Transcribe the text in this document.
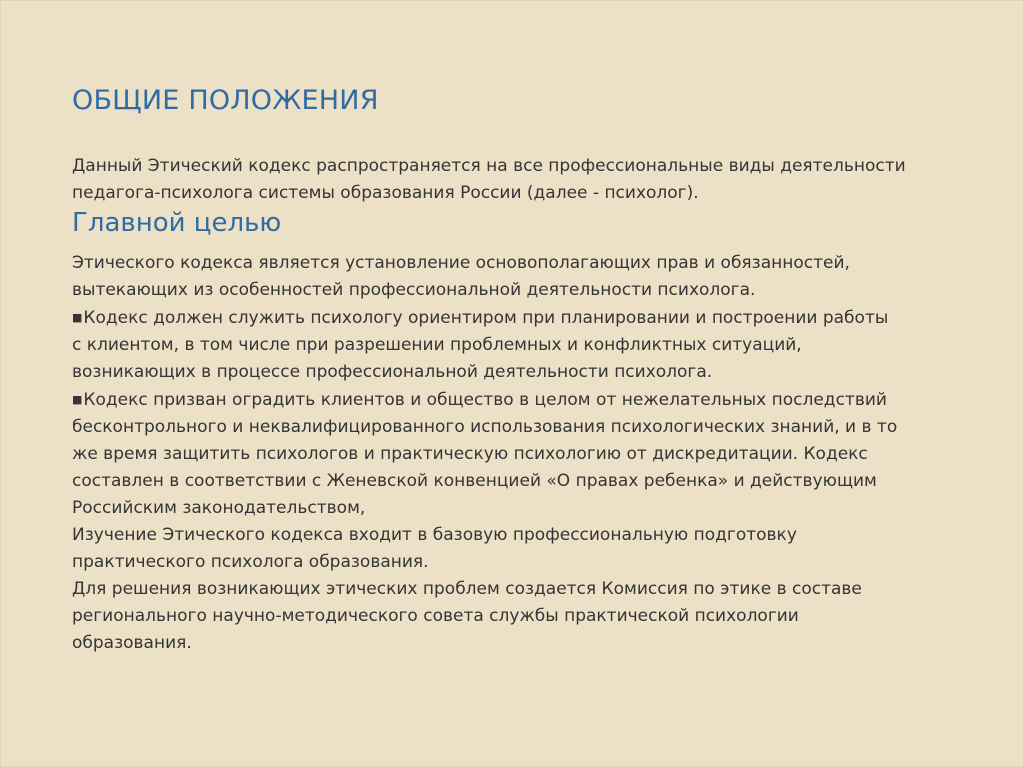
ОБЩИЕ ПОЛОЖЕНИЯ
Данный Этический кодекс распространяется на все профессиональные виды деятельности
педагога-психолога системы образования России (далее - психолог).
Главной целью
Этического кодекса является установление основополагающих прав и обязанностей,
вытекающих из особенностей профессиональной деятельности психолога.
■Кодекс должен служить психологу ориентиром при планировании и построении работы
с клиентом, в том числе при разрешении проблемных и конфликтных ситуаций,
возникающих в процессе профессиональной деятельности психолога.
■Кодекс призван оградить клиентов и общество в целом от нежелательных последствий
бесконтрольного и неквалифицированного использования психологических знаний, и в то
же время защитить психологов и практическую психологию от дискредитации. Кодекс
составлен в соответствии с Женевской конвенцией «О правах ребенка» и действующим
Российским законодательством,
Изучение Этического кодекса входит в базовую профессиональную подготовку
практического психолога образования.
Для решения возникающих этических проблем создается Комиссия по этике в составе
регионального научно-методического совета службы практической психологии
образования.
